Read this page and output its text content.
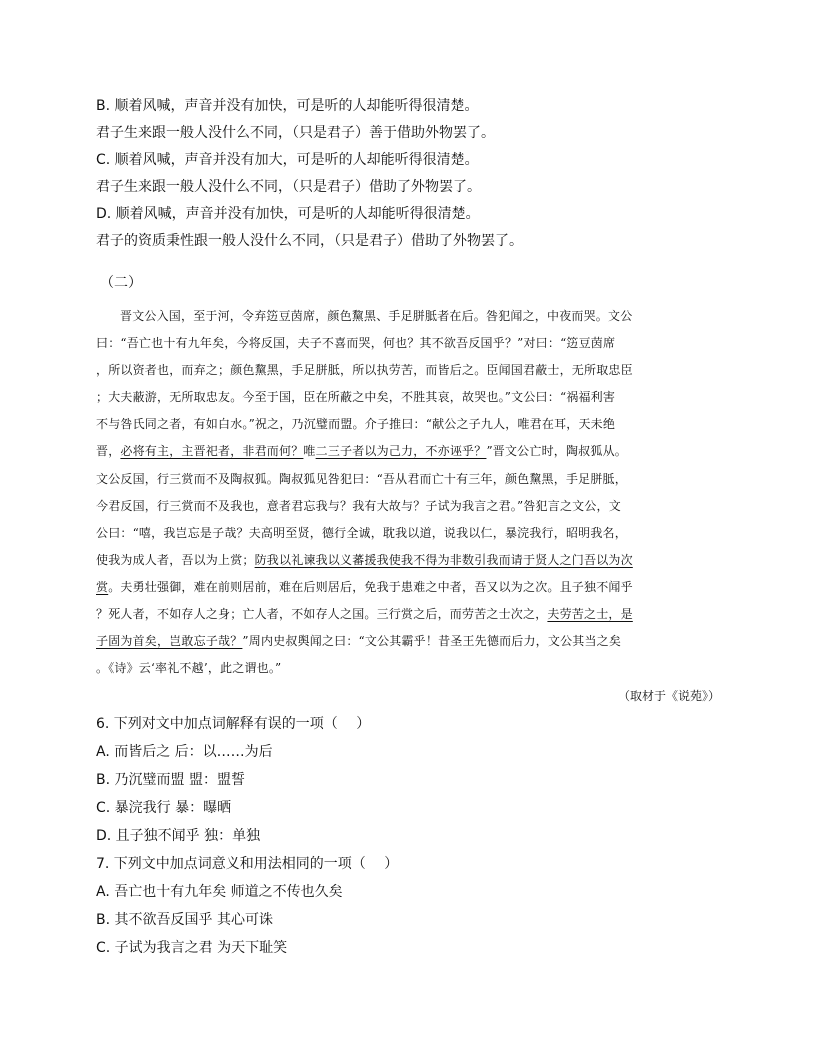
B. 顺着风喊，声音并没有加快，可是听的人却能听得很清楚。
君子生来跟一般人没什么不同，（只是君子）善于借助外物罢了。
C. 顺着风喊，声音并没有加大，可是听的人却能听得很清楚。
君子生来跟一般人没什么不同，（只是君子）借助了外物罢了。
D. 顺着风喊，声音并没有加快，可是听的人却能听得很清楚。
君子的资质秉性跟一般人没什么不同，（只是君子）借助了外物罢了。
（二）
晋文公入国，至于河，令弃笾豆茵席，颜色黧黑、手足胼胝者在后。咎犯闻之，中夜而哭。文公
曰：“吾亡也十有九年矣，今将反国，夫子不喜而哭，何也？其不欲吾反国乎？”对曰：“笾豆茵席
，所以资者也，而弃之；颜色黧黑，手足胼胝，所以执劳苦，而皆后之。臣闻国君蔽士，无所取忠臣
；大夫蔽游，无所取忠友。今至于国，臣在所蔽之中矣，不胜其哀，故哭也。”文公曰：“祸福利害
不与咎氏同之者，有如白水。”祝之，乃沉璧而盟。介子推曰：“献公之子九人，唯君在耳，天未绝
晋，必将有主，主晋祀者，非君而何？唯二三子者以为己力，不亦诬乎？”晋文公亡时，陶叔狐从。
文公反国，行三赏而不及陶叔狐。陶叔狐见咎犯曰：“吾从君而亡十有三年，颜色黧黑，手足胼胝，
今君反国，行三赏而不及我也，意者君忘我与？我有大故与？子试为我言之君。”咎犯言之文公，文
公曰：“嘻，我岂忘是子哉？夫高明至贤，德行全诚，耽我以道，说我以仁，暴浣我行，昭明我名，
使我为成人者，吾以为上赏；防我以礼谏我以义蕃援我使我不得为非数引我而请于贤人之门吾以为次
赏。夫勇壮强御，难在前则居前，难在后则居后，免我于患难之中者，吾又以为之次。且子独不闻乎
？死人者，不如存人之身；亡人者，不如存人之国。三行赏之后，而劳苦之士次之，夫劳苦之士，是
子固为首矣，岂敢忘子哉？”周内史叔舆闻之曰：“文公其霸乎！昔圣王先德而后力，文公其当之矣
。《诗》云‘率礼不越’，此之谓也。”
（取材于《说苑》）
6. 下列对文中加点词解释有误的一项（　 ）
A. 而皆后之 后：以……为后
B. 乃沉璧而盟 盟：盟誓
C. 暴浣我行 暴：曝晒
D. 且子独不闻乎 独：单独
7. 下列文中加点词意义和用法相同的一项（　 ）
A. 吾亡也十有九年矣 师道之不传也久矣
B. 其不欲吾反国乎 其心可诛
C. 子试为我言之君 为天下耻笑
